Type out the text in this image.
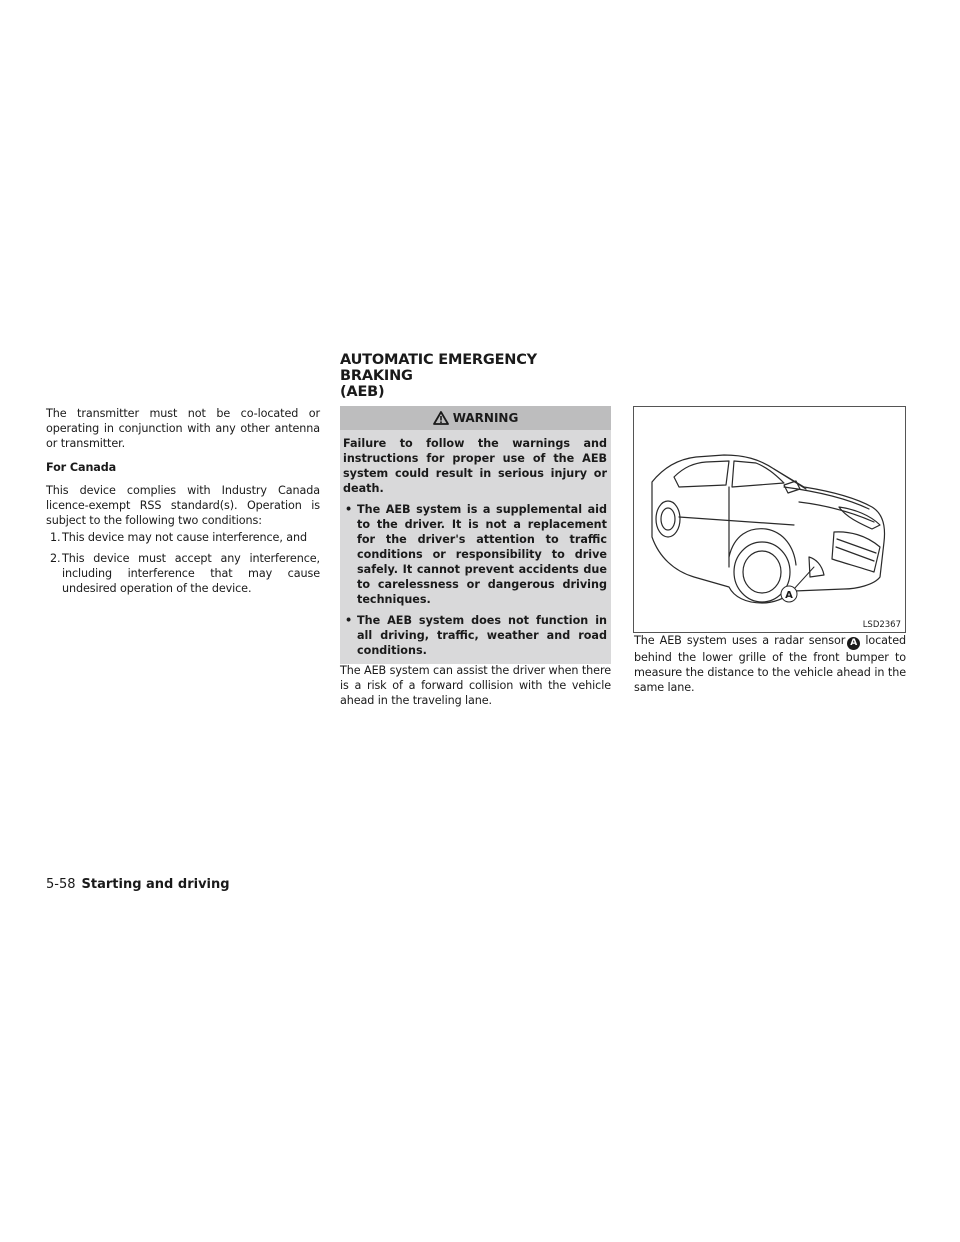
AUTOMATIC EMERGENCY BRAKING

(AEB)

The transmitter must not be co-located or operating in conjunction with any other antenna or transmitter.

For Canada

This device complies with Industry Canada licence-exempt RSS standard(s). Operation is subject to the following two conditions:

1. This device may not cause interference, and
2. This device must accept any interference, including interference that may cause undesired operation of the device.
WARNING

Failure to follow the warnings and instructions for proper use of the AEB system could result in serious injury or death.

• The AEB system is a supplemental aid to the driver. It is not a replacement for the driver's attention to traffic conditions or responsibility to drive safely. It cannot prevent accidents due to carelessness or dangerous driving techniques.
• The AEB system does not function in all driving, traffic, weather and road conditions.

The AEB system can assist the driver when there is a risk of a forward collision with the vehicle ahead in the traveling lane.

A
LSD2367

The AEB system uses a radar sensor A located behind the lower grille of the front bumper to measure the distance to the vehicle ahead in the same lane.

5-58 Starting and driving
